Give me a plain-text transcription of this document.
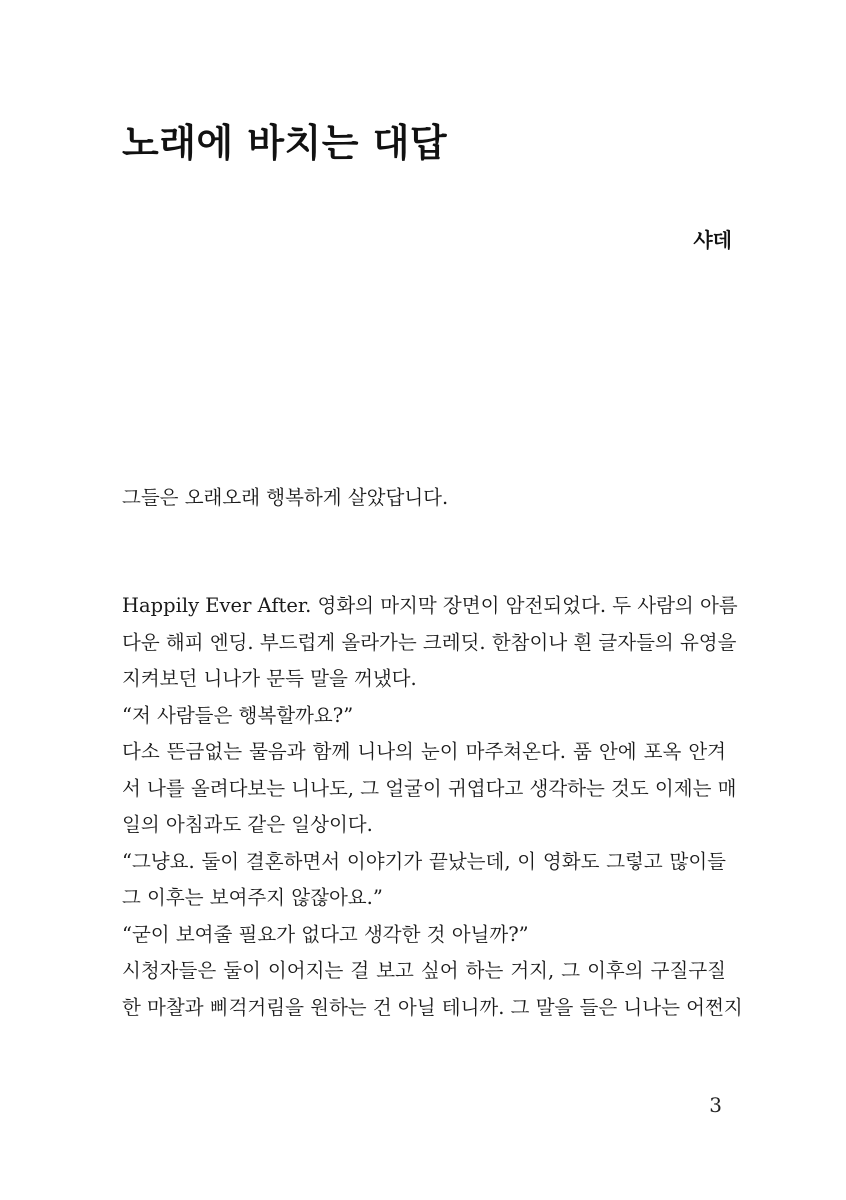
노래에 바치는 대답
샤데

그들은 오래오래 행복하게 살았답니다.

Happily Ever After. 영화의 마지막 장면이 암전되었다. 두 사람의 아름
다운 해피 엔딩. 부드럽게 올라가는 크레딧. 한참이나 흰 글자들의 유영을
지켜보던 니나가 문득 말을 꺼냈다.
“저 사람들은 행복할까요?”
다소 뜬금없는 물음과 함께 니나의 눈이 마주쳐온다. 품 안에 포옥 안겨
서 나를 올려다보는 니나도, 그 얼굴이 귀엽다고 생각하는 것도 이제는 매
일의 아침과도 같은 일상이다.
“그냥요. 둘이 결혼하면서 이야기가 끝났는데, 이 영화도 그렇고 많이들
그 이후는 보여주지 않잖아요.”
“굳이 보여줄 필요가 없다고 생각한 것 아닐까?”
시청자들은 둘이 이어지는 걸 보고 싶어 하는 거지, 그 이후의 구질구질
한 마찰과 삐걱거림을 원하는 건 아닐 테니까. 그 말을 들은 니나는 어쩐지
3
